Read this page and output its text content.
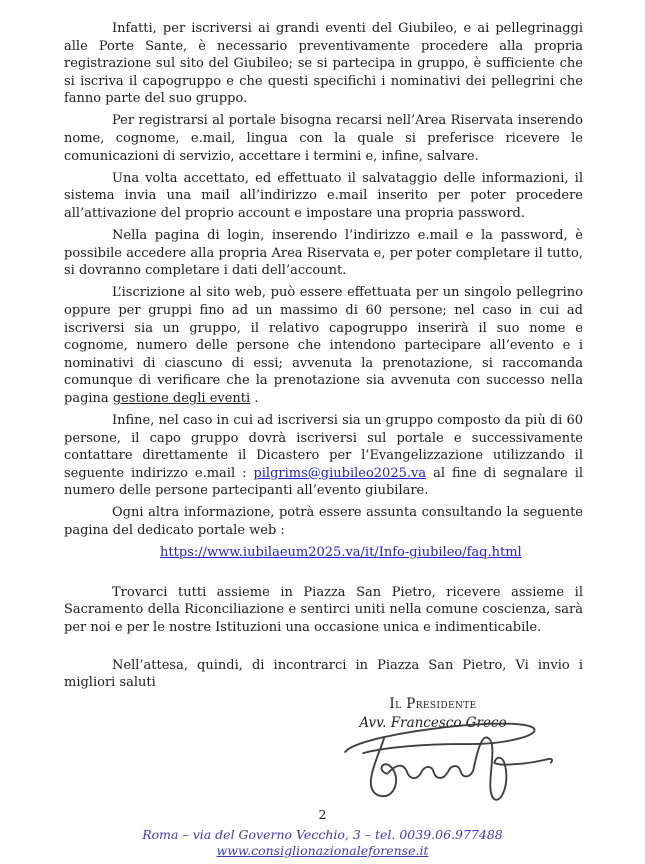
Infatti, per iscriversi ai grandi eventi del Giubileo, e ai pellegrinaggi alle Porte Sante, è necessario preventivamente procedere alla propria registrazione sul sito del Giubileo; se si partecipa in gruppo, è sufficiente che si iscriva il capogruppo e che questi specifichi i nominativi dei pellegrini che fanno parte del suo gruppo.

Per registrarsi al portale bisogna recarsi nell’Area Riservata inserendo nome, cognome, e.mail, lingua con la quale si preferisce ricevere le comunicazioni di servizio, accettare i termini e, infine, salvare.

Una volta accettato, ed effettuato il salvataggio delle informazioni, il sistema invia una mail all’indirizzo e.mail inserito per poter procedere all’attivazione del proprio account e impostare una propria password.

Nella pagina di login, inserendo l’indirizzo e.mail e la password, è possibile accedere alla propria Area Riservata e, per poter completare il tutto, si dovranno completare i dati dell’account.

L’iscrizione al sito web, può essere effettuata per un singolo pellegrino oppure per gruppi fino ad un massimo di 60 persone; nel caso in cui ad iscriversi sia un gruppo, il relativo capogruppo inserirà il suo nome e cognome, numero delle persone che intendono partecipare all’evento e i nominativi di ciascuno di essi; avvenuta la prenotazione, si raccomanda comunque di verificare che la prenotazione sia avvenuta con successo nella pagina gestione degli eventi .

Infine, nel caso in cui ad iscriversi sia un gruppo composto da più di 60 persone, il capo gruppo dovrà iscriversi sul portale e successivamente contattare direttamente il Dicastero per l’Evangelizzazione utilizzando il seguente indirizzo e.mail : pilgrims@giubileo2025.va al fine di segnalare il numero delle persone partecipanti all’evento giubilare.

Ogni altra informazione, potrà essere assunta consultando la seguente pagina del dedicato portale web :

https://www.iubilaeum2025.va/it/Info-giubileo/faq.html

Trovarci tutti assieme in Piazza San Pietro, ricevere assieme il Sacramento della Riconciliazione e sentirci uniti nella comune coscienza, sarà per noi e per le nostre Istituzioni una occasione unica e indimenticabile.

Nell’attesa, quindi, di incontrarci in Piazza San Pietro, Vi invio i migliori saluti

Il Presidente
Avv. Francesco Greco
2
Roma – via del Governo Vecchio, 3 – tel. 0039.06.977488
www.consiglionazionaleforense.it
